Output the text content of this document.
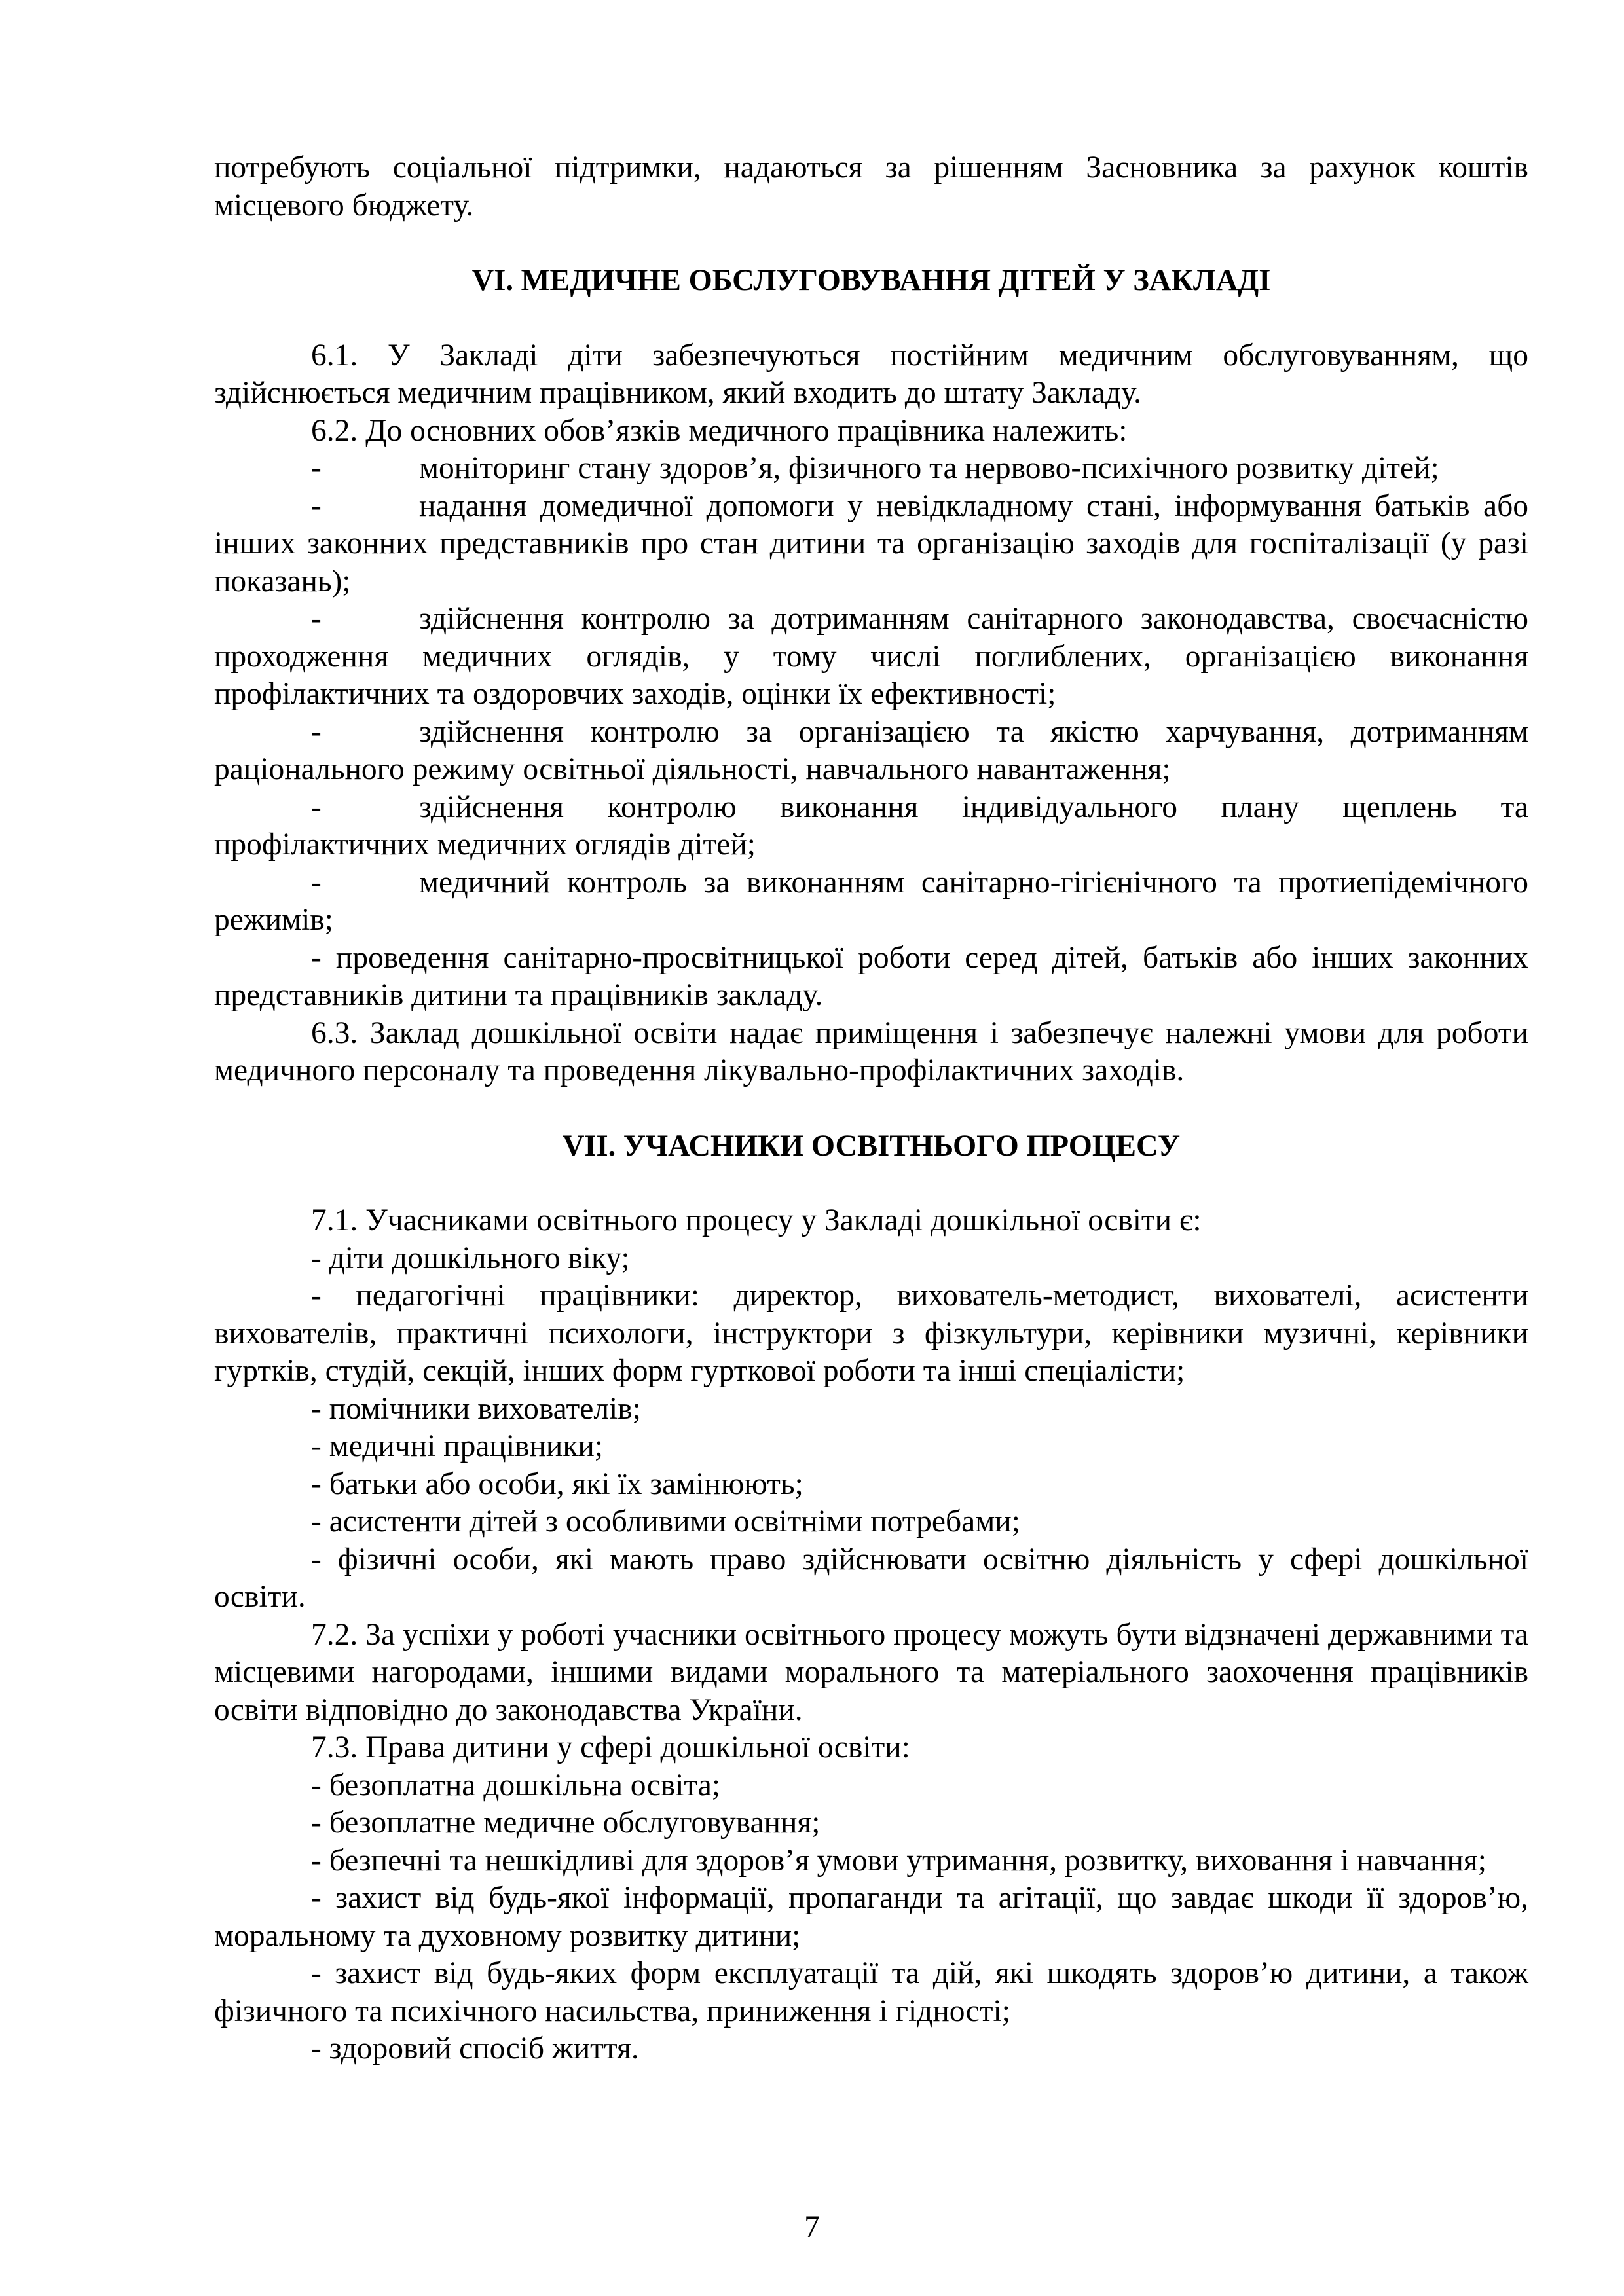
потребують соціальної підтримки, надаються за рішенням Засновника за рахунок коштів місцевого бюджету.

VI. МЕДИЧНЕ ОБСЛУГОВУВАННЯ ДІТЕЙ У ЗАКЛАДІ

6.1. У Закладі діти забезпечуються постійним медичним обслуговуванням, що здійснюється медичним працівником, який входить до штату Закладу.

6.2. До основних обов’язків медичного працівника належить:

-	моніторинг стану здоров’я, фізичного та нервово-психічного розвитку дітей;

-	надання домедичної допомоги у невідкладному стані, інформування батьків або інших законних представників про стан дитини та організацію заходів для госпіталізації (у разі показань);

-	здійснення контролю за дотриманням санітарного законодавства, своєчасністю проходження медичних оглядів, у тому числі поглиблених, організацією виконання профілактичних та оздоровчих заходів, оцінки їх ефективності;

-	здійснення контролю за організацією та якістю харчування, дотриманням раціонального режиму освітньої діяльності, навчального навантаження;

-	здійснення контролю виконання індивідуального плану щеплень та профілактичних медичних оглядів дітей;

-	медичний контроль за виконанням санітарно-гігієнічного та протиепідемічного режимів;

- проведення санітарно-просвітницької роботи серед дітей, батьків або інших законних представників дитини та працівників закладу.

6.3. Заклад дошкільної освіти надає приміщення і забезпечує належні умови для роботи медичного персоналу та проведення лікувально-профілактичних заходів.

VII. УЧАСНИКИ ОСВІТНЬОГО ПРОЦЕСУ

7.1. Учасниками освітнього процесу у Закладі дошкільної освіти є:

- діти дошкільного віку;

- педагогічні працівники: директор, вихователь-методист, вихователі, асистенти вихователів, практичні психологи, інструктори з фізкультури, керівники музичні, керівники гуртків, студій, секцій, інших форм гурткової роботи та інші спеціалісти;

- помічники вихователів;

- медичні працівники;

- батьки або особи, які їх замінюють;

- асистенти дітей з особливими освітніми потребами;

- фізичні особи, які мають право здійснювати освітню діяльність у сфері дошкільної освіти.

7.2. За успіхи у роботі учасники освітнього процесу можуть бути відзначені державними та місцевими нагородами, іншими видами морального та матеріального заохочення працівників освіти відповідно до законодавства України.

7.3. Права дитини у сфері дошкільної освіти:

- безоплатна дошкільна освіта;

- безоплатне медичне обслуговування;

- безпечні та нешкідливі для здоров’я умови утримання, розвитку, виховання і навчання;

- захист від будь-якої інформації, пропаганди та агітації, що завдає шкоди її здоров’ю, моральному та духовному розвитку дитини;

- захист від будь-яких форм експлуатації та дій, які шкодять здоров’ю дитини, а також фізичного та психічного насильства, приниження і гідності;

- здоровий спосіб життя.

7
